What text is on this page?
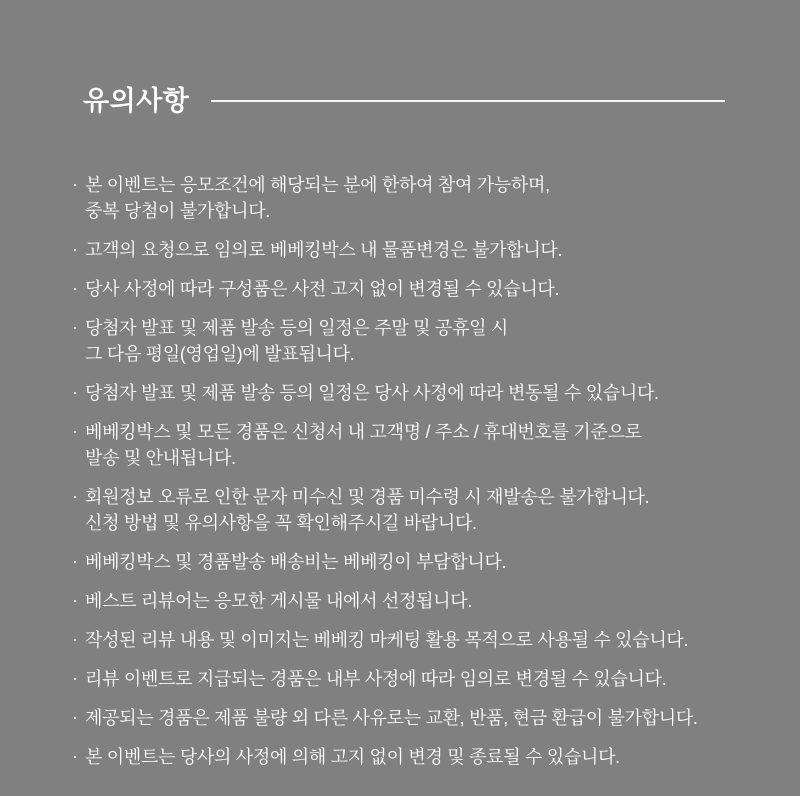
유의사항
· 본 이벤트는 응모조건에 해당되는 분에 한하여 참여 가능하며,
중복 당첨이 불가합니다.
· 고객의 요청으로 임의로 베베킹박스 내 물품변경은 불가합니다.
· 당사 사정에 따라 구성품은 사전 고지 없이 변경될 수 있습니다.
· 당첨자 발표 및 제품 발송 등의 일정은 주말 및 공휴일 시
그 다음 평일(영업일)에 발표됩니다.
· 당첨자 발표 및 제품 발송 등의 일정은 당사 사정에 따라 변동될 수 있습니다.
· 베베킹박스 및 모든 경품은 신청서 내 고객명 / 주소 / 휴대번호를 기준으로
발송 및 안내됩니다.
· 회원정보 오류로 인한 문자 미수신 및 경품 미수령 시 재발송은 불가합니다.
신청 방법 및 유의사항을 꼭 확인해주시길 바랍니다.
· 베베킹박스 및 경품발송 배송비는 베베킹이 부담합니다.
· 베스트 리뷰어는 응모한 게시물 내에서 선정됩니다.
· 작성된 리뷰 내용 및 이미지는 베베킹 마케팅 활용 목적으로 사용될 수 있습니다.
· 리뷰 이벤트로 지급되는 경품은 내부 사정에 따라 임의로 변경될 수 있습니다.
· 제공되는 경품은 제품 불량 외 다른 사유로는 교환, 반품, 현금 환급이 불가합니다.
· 본 이벤트는 당사의 사정에 의해 고지 없이 변경 및 종료될 수 있습니다.
